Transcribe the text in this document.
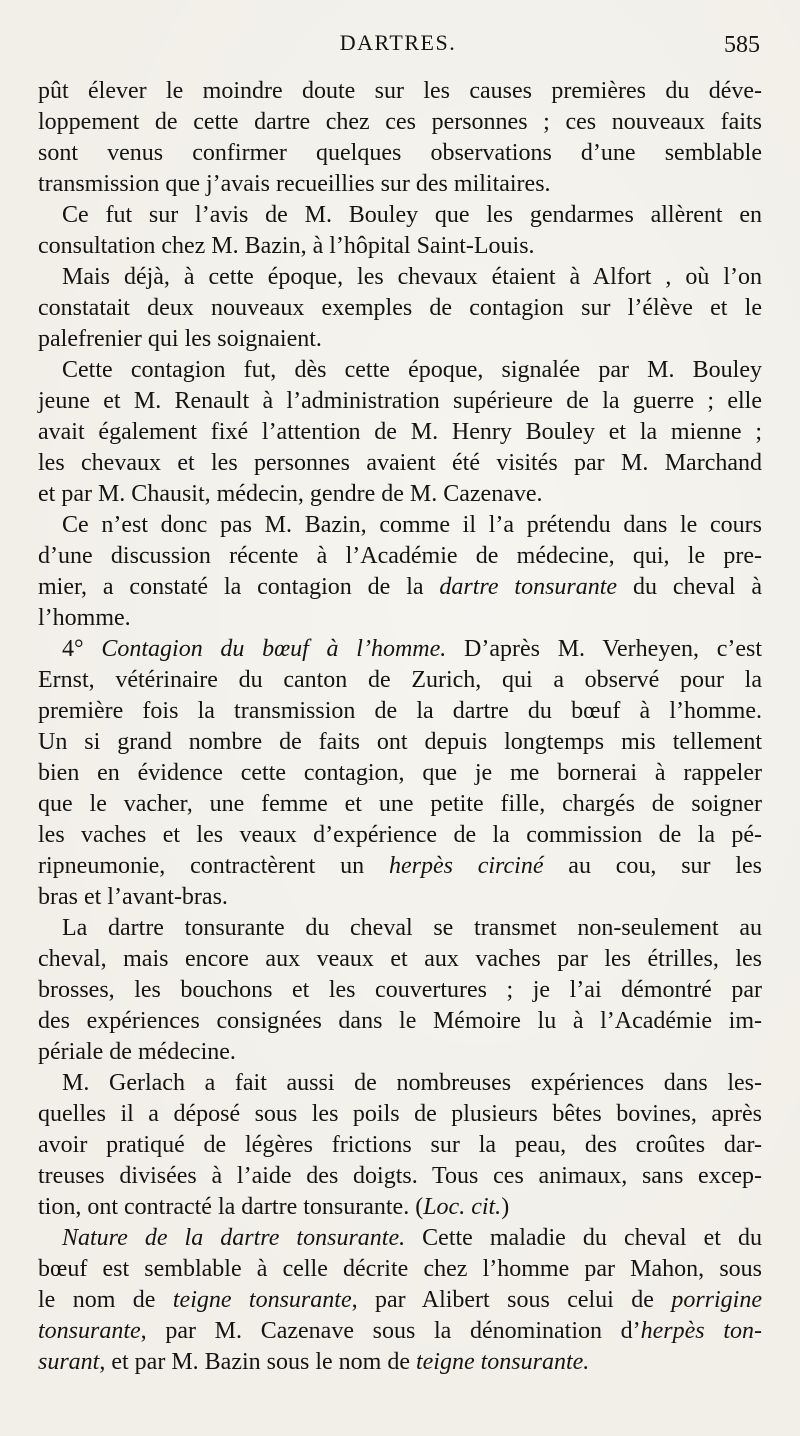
DARTRES.	585
pût élever le moindre doute sur les causes premières du déve-
loppement de cette dartre chez ces personnes ; ces nouveaux faits
sont venus confirmer quelques observations d’une semblable
transmission que j’avais recueillies sur des militaires.
Ce fut sur l’avis de M. Bouley que les gendarmes allèrent en
consultation chez M. Bazin, à l’hôpital Saint-Louis.
Mais déjà, à cette époque, les chevaux étaient à Alfort , où l’on
constatait deux nouveaux exemples de contagion sur l’élève et le
palefrenier qui les soignaient.
Cette contagion fut, dès cette époque, signalée par M. Bouley
jeune et M. Renault à l’administration supérieure de la guerre ; elle
avait également fixé l’attention de M. Henry Bouley et la mienne ;
les chevaux et les personnes avaient été visités par M. Marchand
et par M. Chausit, médecin, gendre de M. Cazenave.
Ce n’est donc pas M. Bazin, comme il l’a prétendu dans le cours
d’une discussion récente à l’Académie de médecine, qui, le pre-
mier, a constaté la contagion de la dartre tonsurante du cheval à
l’homme.
4° Contagion du bœuf à l’homme. D’après M. Verheyen, c’est
Ernst, vétérinaire du canton de Zurich, qui a observé pour la
première fois la transmission de la dartre du bœuf à l’homme.
Un si grand nombre de faits ont depuis longtemps mis tellement
bien en évidence cette contagion, que je me bornerai à rappeler
que le vacher, une femme et une petite fille, chargés de soigner
les vaches et les veaux d’expérience de la commission de la pé-
ripneumonie, contractèrent un herpès circiné au cou, sur les
bras et l’avant-bras.
La dartre tonsurante du cheval se transmet non-seulement au
cheval, mais encore aux veaux et aux vaches par les étrilles, les
brosses, les bouchons et les couvertures ; je l’ai démontré par
des expériences consignées dans le Mémoire lu à l’Académie im-
périale de médecine.
M. Gerlach a fait aussi de nombreuses expériences dans les-
quelles il a déposé sous les poils de plusieurs bêtes bovines, après
avoir pratiqué de légères frictions sur la peau, des croûtes dar-
treuses divisées à l’aide des doigts. Tous ces animaux, sans excep-
tion, ont contracté la dartre tonsurante. (Loc. cit.)
Nature de la dartre tonsurante. Cette maladie du cheval et du
bœuf est semblable à celle décrite chez l’homme par Mahon, sous
le nom de teigne tonsurante, par Alibert sous celui de porrigine
tonsurante, par M. Cazenave sous la dénomination d’herpès ton-
surant, et par M. Bazin sous le nom de teigne tonsurante.
